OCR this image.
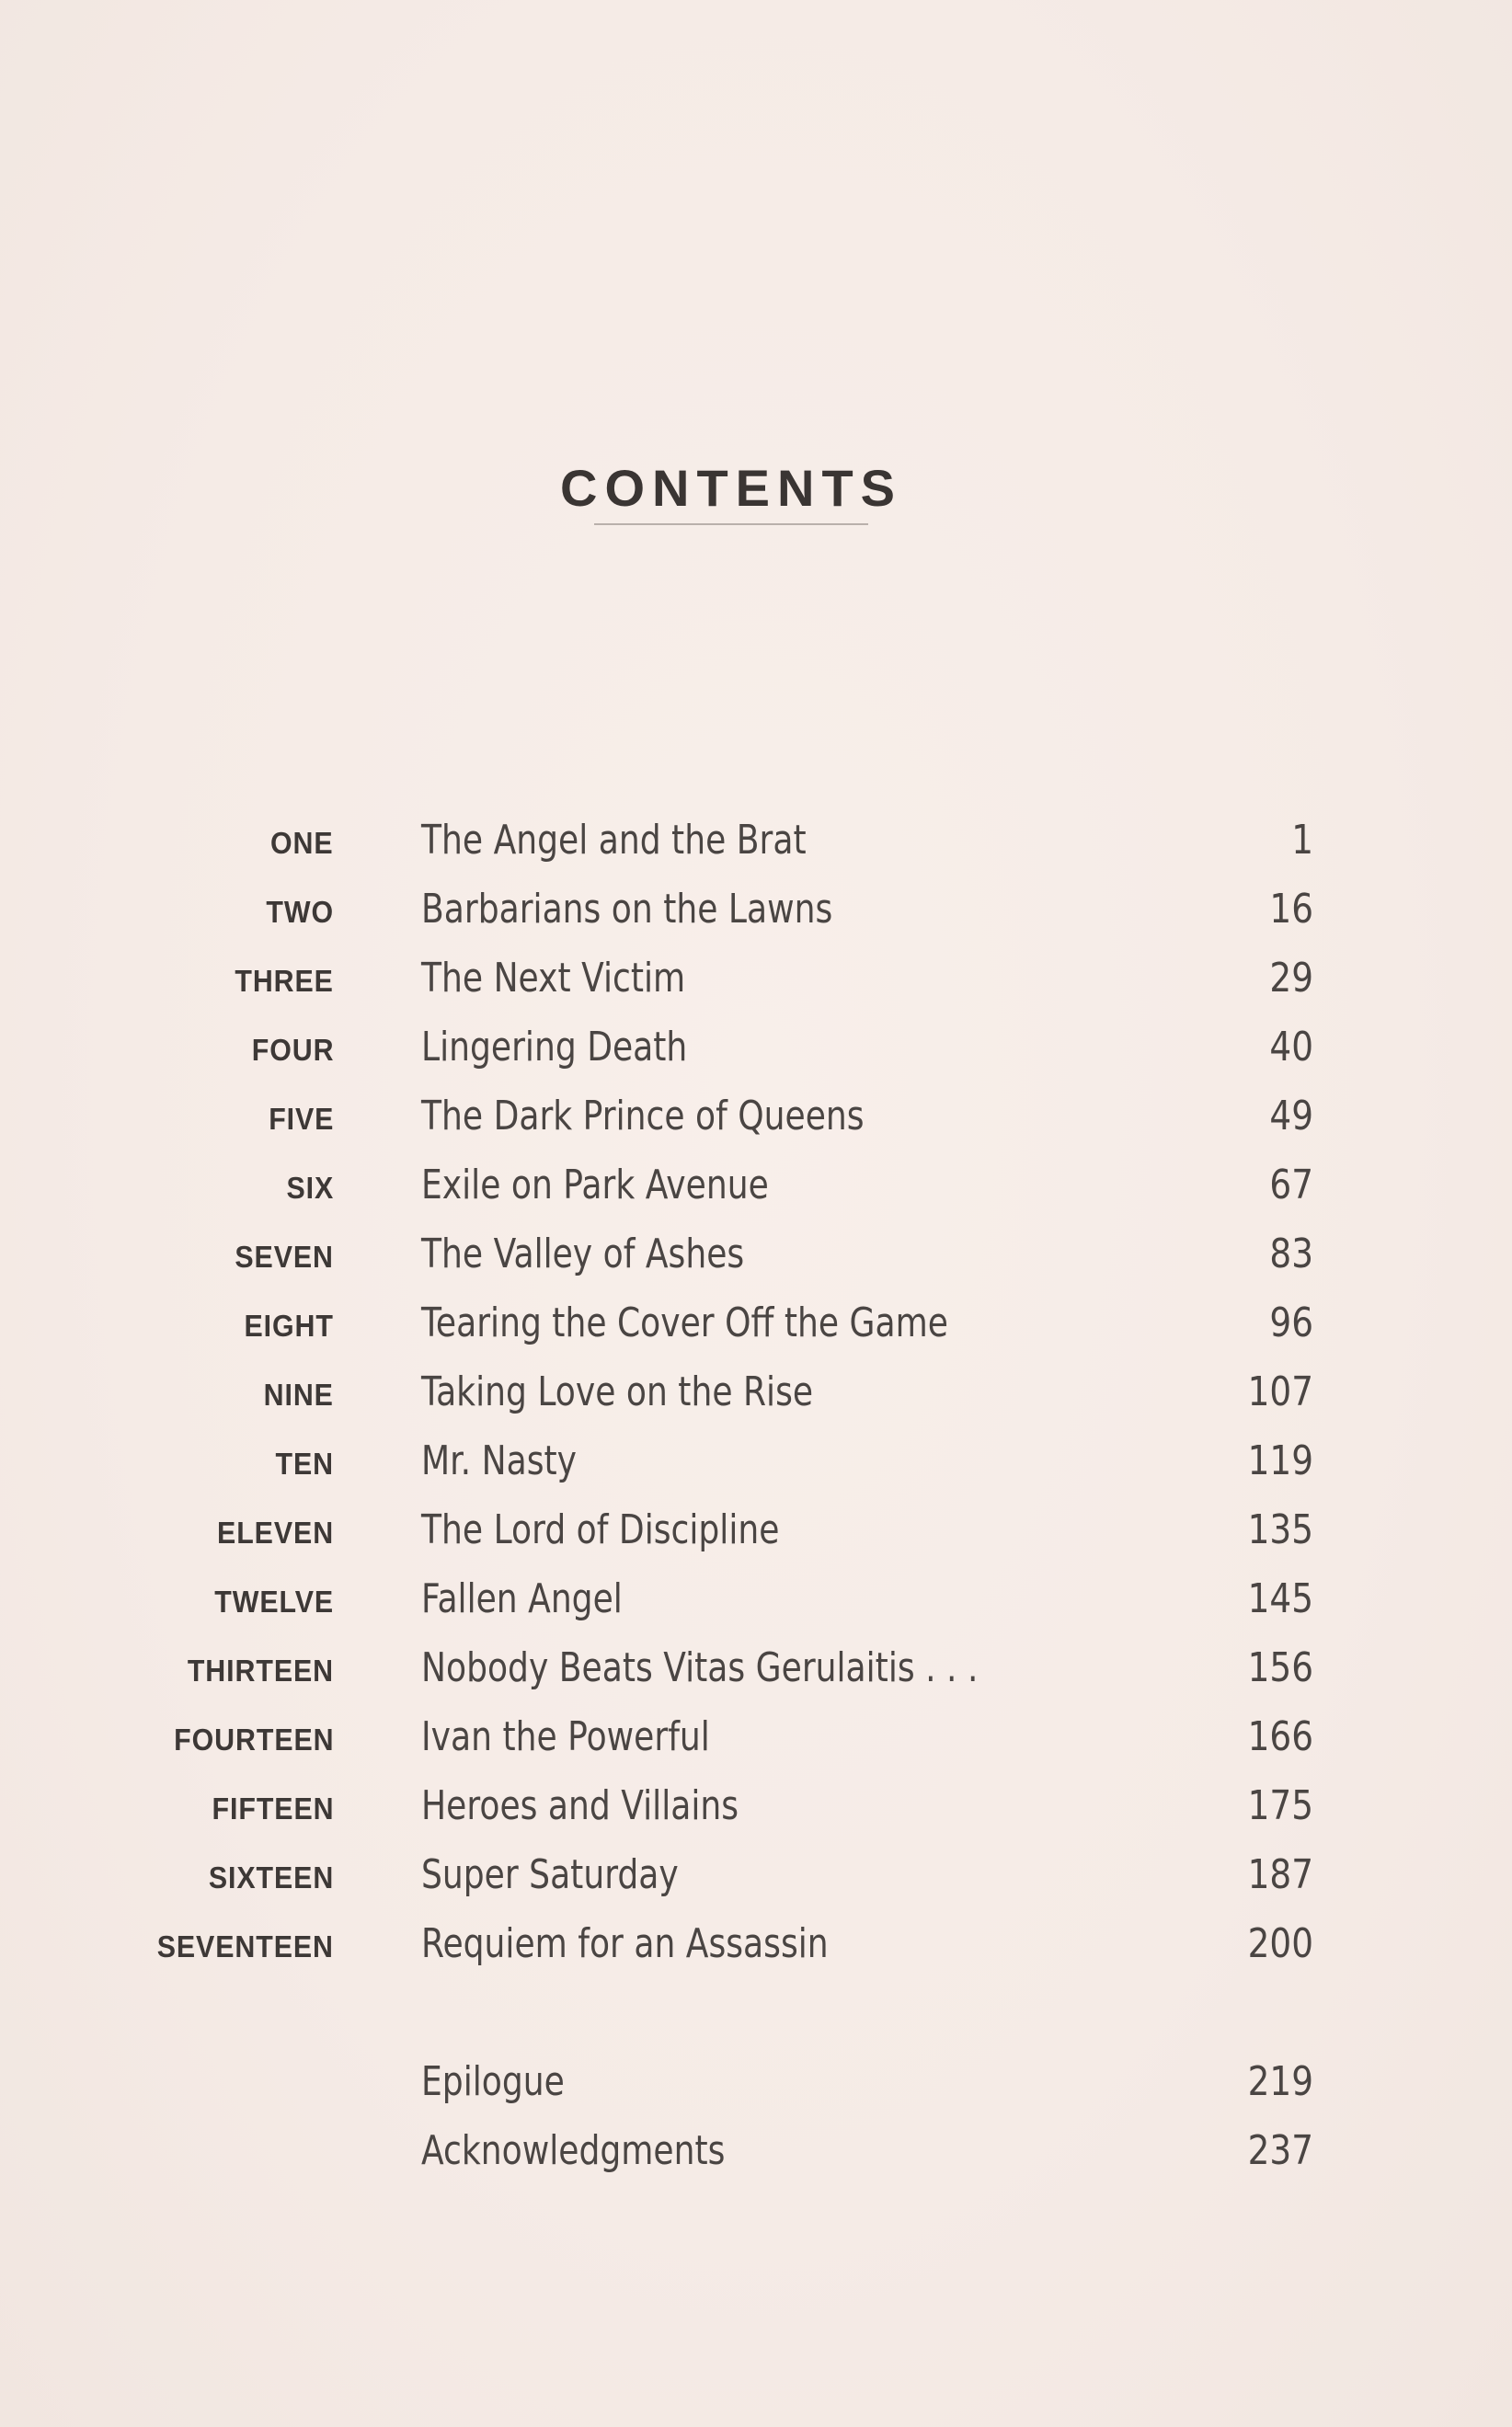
CONTENTS
ONE The Angel and the Brat	1
TWO Barbarians on the Lawns	16
THREE The Next Victim	29
FOUR Lingering Death	40
FIVE The Dark Prince of Queens	49
SIX Exile on Park Avenue	67
SEVEN The Valley of Ashes	83
EIGHT Tearing the Cover Off the Game	96
NINE Taking Love on the Rise	107
TEN Mr. Nasty	119
ELEVEN The Lord of Discipline	135
TWELVE Fallen Angel	145
THIRTEEN Nobody Beats Vitas Gerulaitis . . .	156
FOURTEEN Ivan the Powerful	166
FIFTEEN Heroes and Villains	175
SIXTEEN Super Saturday	187
SEVENTEEN Requiem for an Assassin	200
Epilogue	219
Acknowledgments	237
